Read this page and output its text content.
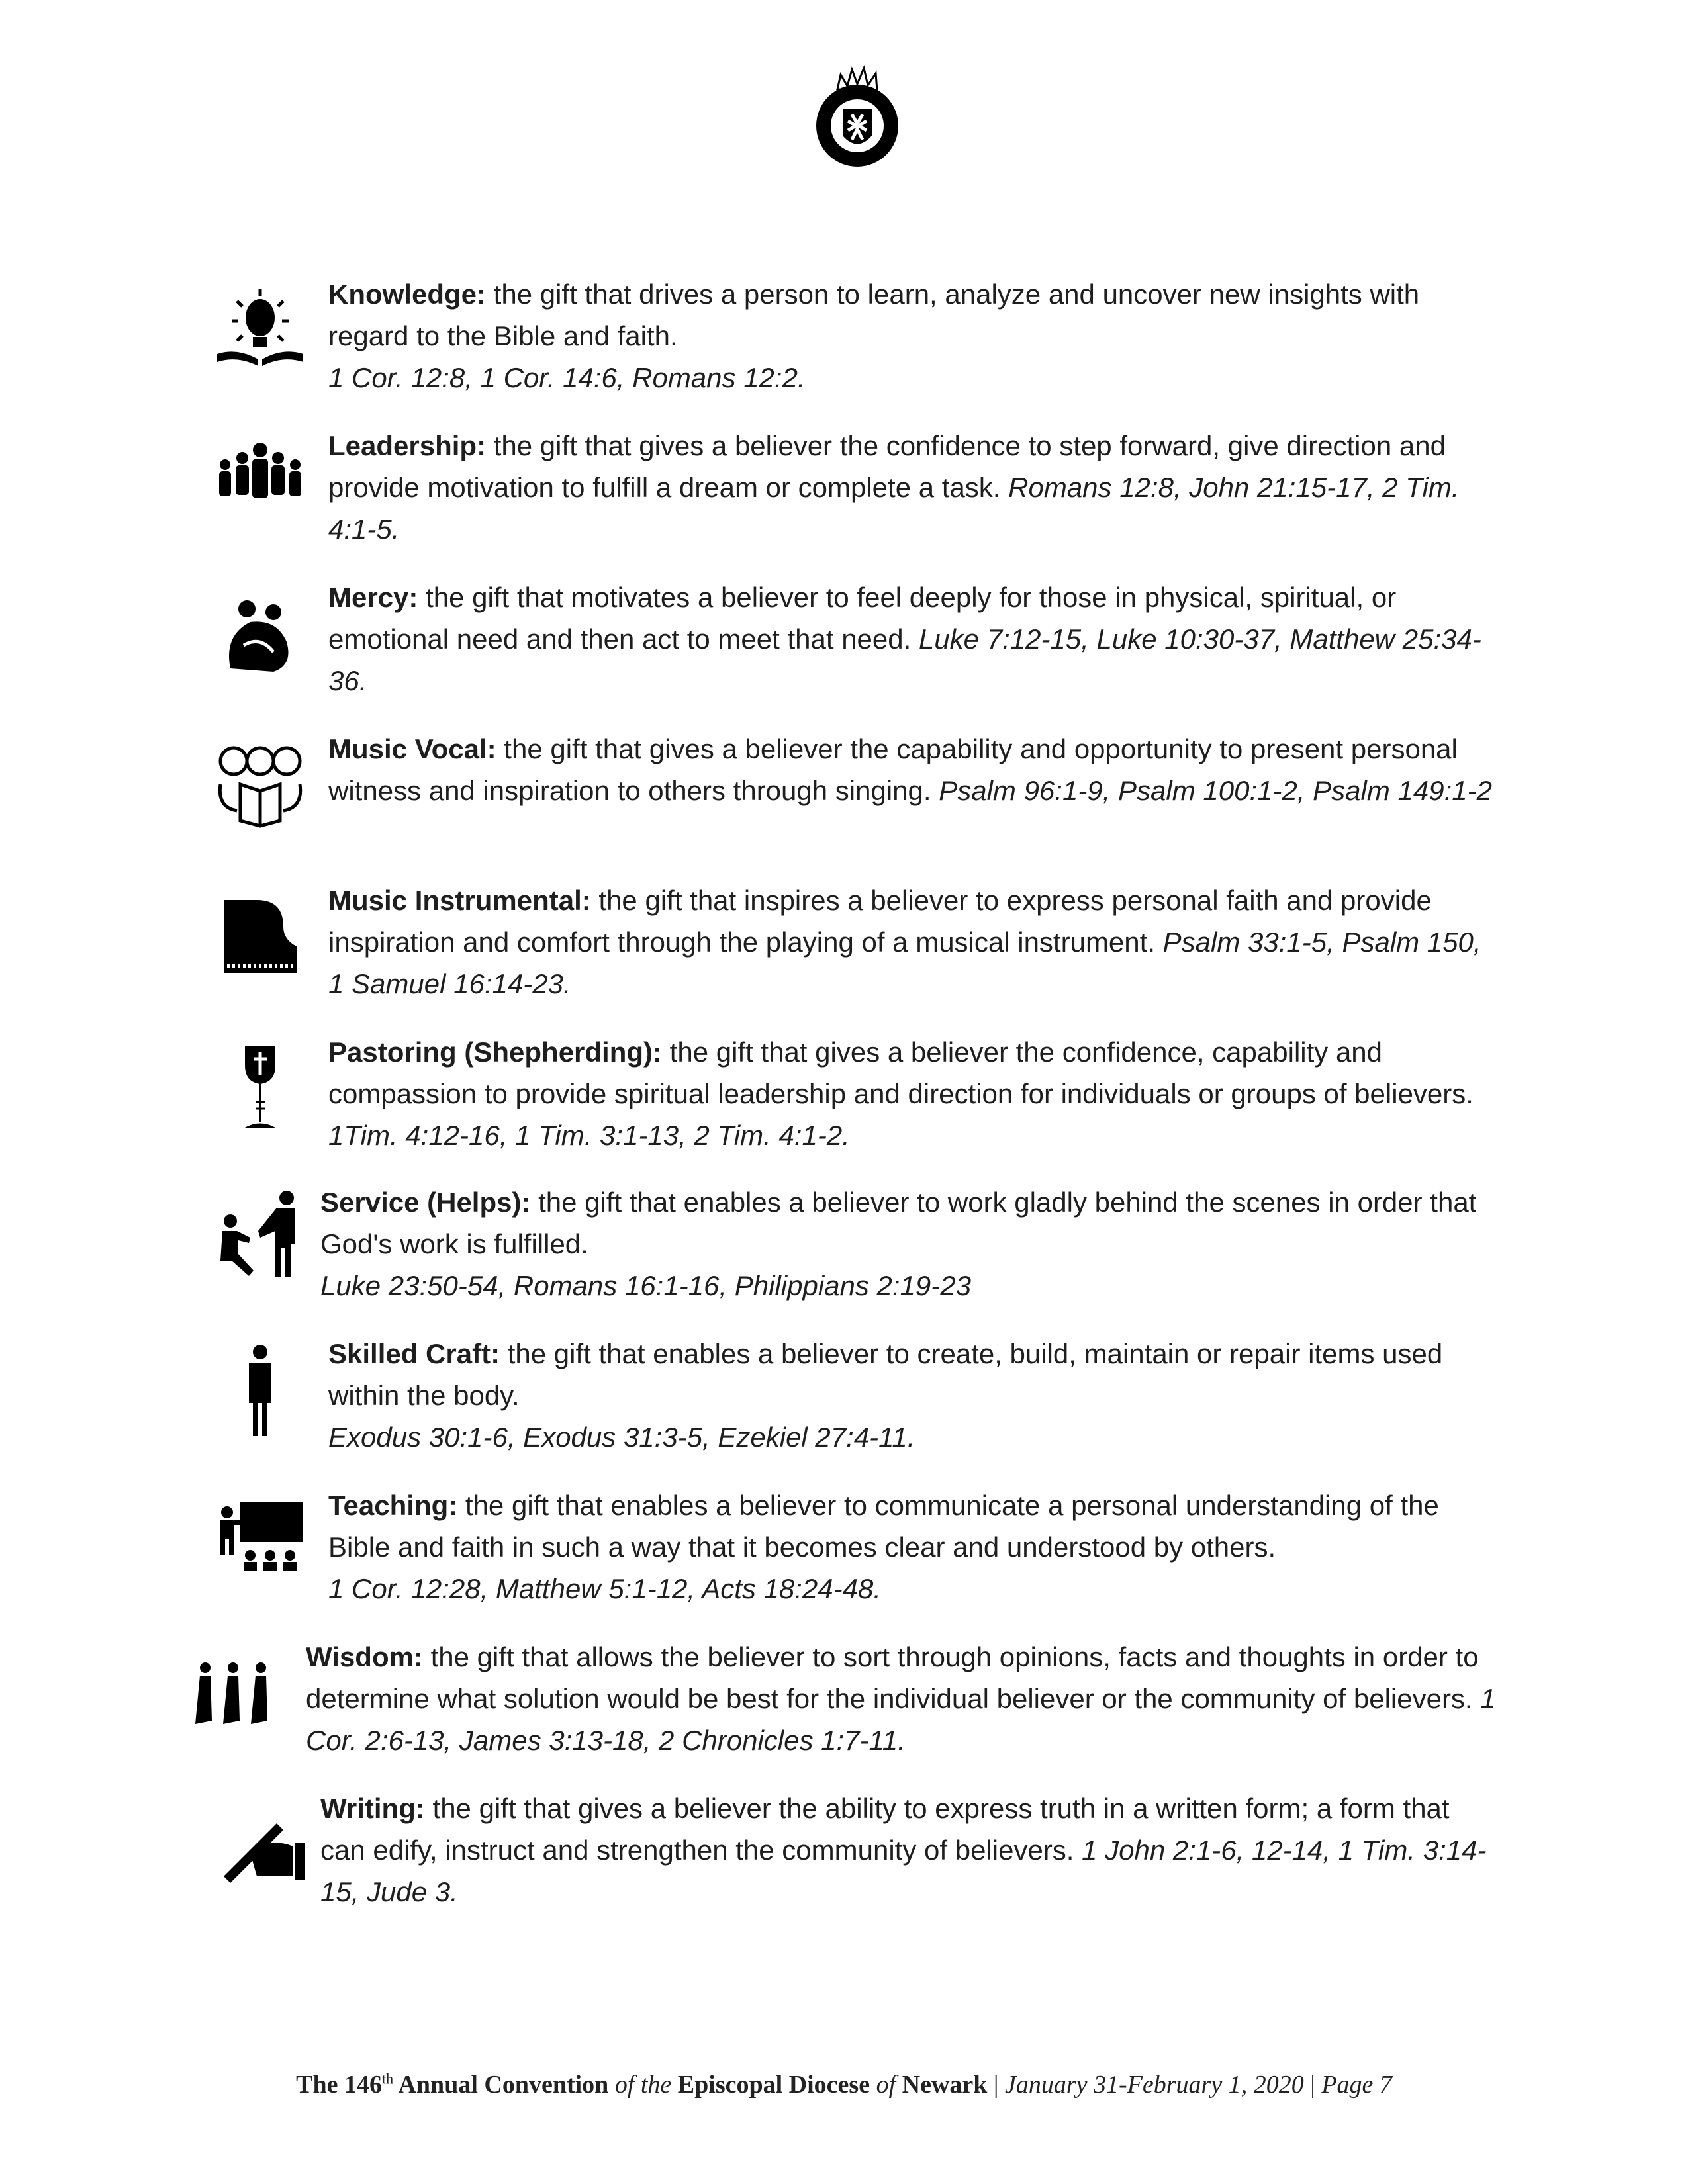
Knowledge: the gift that drives a person to learn, analyze and uncover new insights with regard to the Bible and faith.
1 Cor. 12:8, 1 Cor. 14:6, Romans 12:2.
Leadership: the gift that gives a believer the confidence to step forward, give direction and provide motivation to fulfill a dream or complete a task. Romans 12:8, John 21:15-17, 2 Tim. 4:1-5.
Mercy: the gift that motivates a believer to feel deeply for those in physical, spiritual, or emotional need and then act to meet that need. Luke 7:12-15, Luke 10:30-37, Matthew 25:34-36.
Music Vocal: the gift that gives a believer the capability and opportunity to present personal witness and inspiration to others through singing. Psalm 96:1-9, Psalm 100:1-2, Psalm 149:1-2
Music Instrumental: the gift that inspires a believer to express personal faith and provide inspiration and comfort through the playing of a musical instrument. Psalm 33:1-5, Psalm 150, 1 Samuel 16:14-23.
Pastoring (Shepherding): the gift that gives a believer the confidence, capability and compassion to provide spiritual leadership and direction for individuals or groups of believers. 1Tim. 4:12-16, 1 Tim. 3:1-13, 2 Tim. 4:1-2.
Service (Helps): the gift that enables a believer to work gladly behind the scenes in order that God's work is fulfilled.
Luke 23:50-54, Romans 16:1-16, Philippians 2:19-23
Skilled Craft: the gift that enables a believer to create, build, maintain or repair items used within the body.
Exodus 30:1-6, Exodus 31:3-5, Ezekiel 27:4-11.
Teaching: the gift that enables a believer to communicate a personal understanding of the Bible and faith in such a way that it becomes clear and understood by others.
1 Cor. 12:28, Matthew 5:1-12, Acts 18:24-48.
Wisdom: the gift that allows the believer to sort through opinions, facts and thoughts in order to determine what solution would be best for the individual believer or the community of believers. 1 Cor. 2:6-13, James 3:13-18, 2 Chronicles 1:7-11.
Writing: the gift that gives a believer the ability to express truth in a written form; a form that can edify, instruct and strengthen the community of believers. 1 John 2:1-6, 12-14, 1 Tim. 3:14-15, Jude 3.
The 146th Annual Convention of the Episcopal Diocese of Newark | January 31-February 1, 2020 | Page 7
